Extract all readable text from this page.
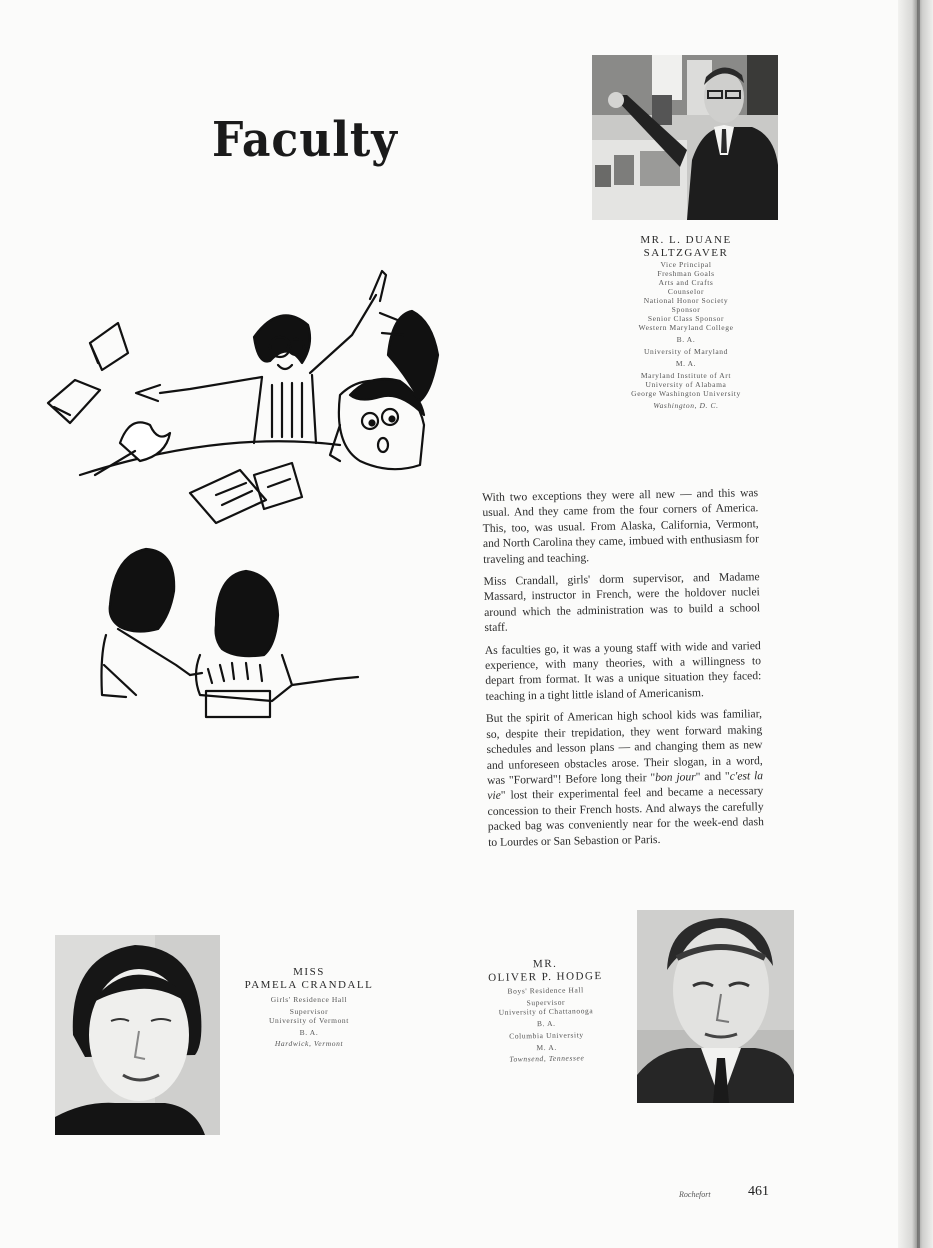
Faculty
MR. L. DUANE
SALTZGAVER
Vice Principal
Freshman Goals
Arts and Crafts
Counselor
National Honor Society
Sponsor
Senior Class Sponsor
Western Maryland College
B. A.
University of Maryland
M. A.
Maryland Institute of Art
University of Alabama
George Washington University
Washington, D. C.

With two exceptions they were all new — and this was usual. And they came from the four corners of America. This, too, was usual. From Alaska, California, Vermont, and North Carolina they came, imbued with enthusiasm for traveling and teaching.

Miss Crandall, girls' dorm supervisor, and Madame Massard, instructor in French, were the holdover nuclei around which the administration was to build a school staff.

As faculties go, it was a young staff with wide and varied experience, with many theories, with a willingness to depart from format. It was a unique situation they faced: teaching in a tight little island of Americanism.

But the spirit of American high school kids was familiar, so, despite their trepidation, they went forward making schedules and lesson plans — and changing them as new and unforeseen obstacles arose. Their slogan, in a word, was "Forward"! Before long their "bon jour" and "c'est la vie" lost their experimental feel and became a necessary concession to their French hosts. And always the carefully packed bag was conveniently near for the week-end dash to Lourdes or San Sebastion or Paris.

MISS
PAMELA CRANDALL
Girls' Residence Hall
Supervisor
University of Vermont
B. A.
Hardwick, Vermont
MR.
OLIVER P. HODGE
Boys' Residence Hall
Supervisor
University of Chattanooga
B. A.
Columbia University
M. A.
Townsend, Tennessee
Rochefort	461
